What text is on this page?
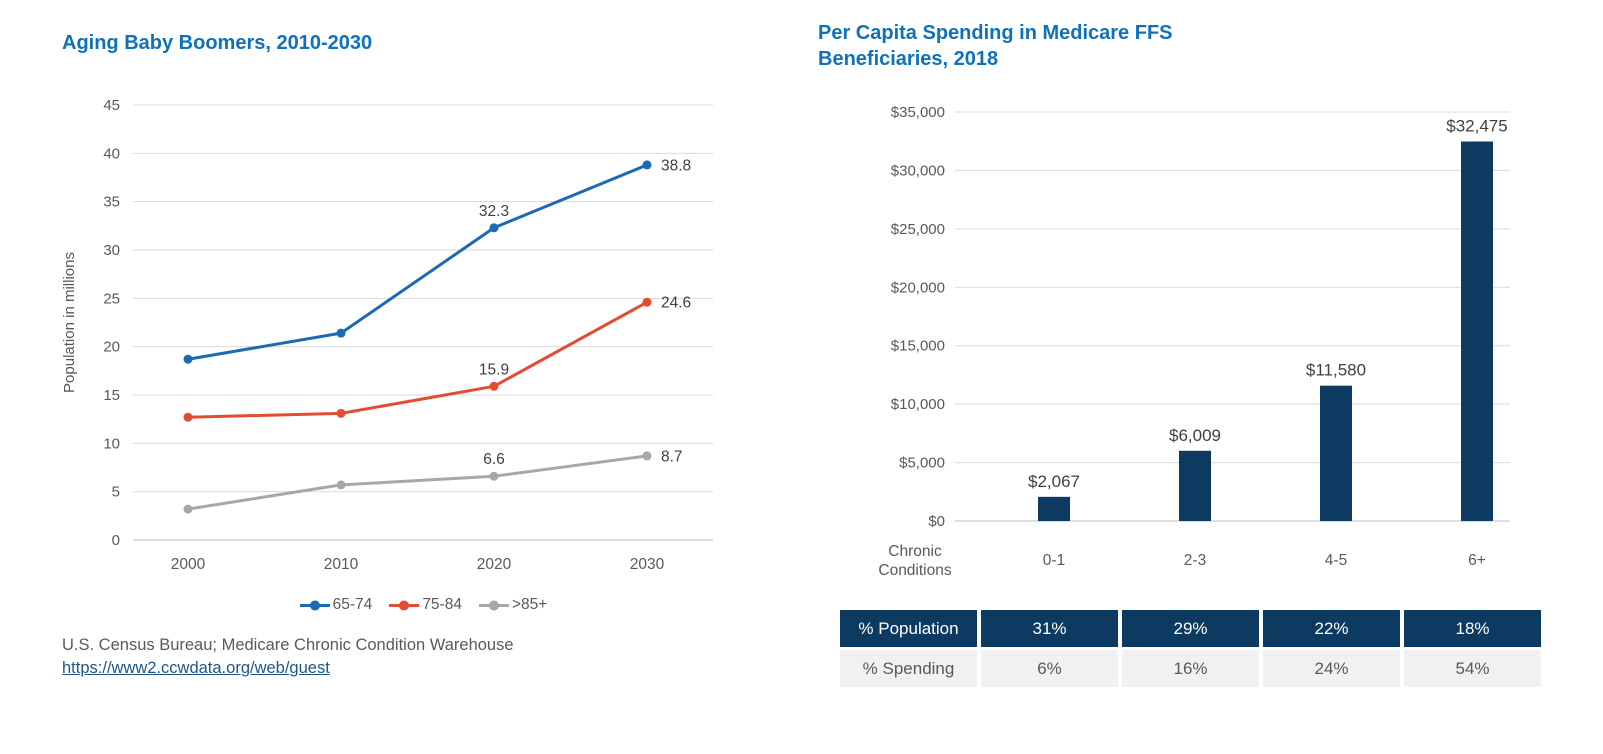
Aging Baby Boomers, 2010-2030
0
5
10
15
20
25
30
35
40
45
Population in millions
2000	2010	2020	2030
32.3
38.8
15.9
24.6
6.6	8.7
65-74	75-84	>85+
U.S. Census Bureau; Medicare Chronic Condition Warehouse
https://www2.ccwdata.org/web/guest
Per Capita Spending in Medicare FFS
Beneficiaries, 2018
$0
$5,000
$10,000
$15,000
$20,000
$25,000
$30,000
$35,000
$2,067
0-1
$6,009
2-3
$11,580
4-5
$32,475
6+
Chronic
Conditions
% Population	31%	29%	22%	18%
% Spending	6%	16%	24%	54%
